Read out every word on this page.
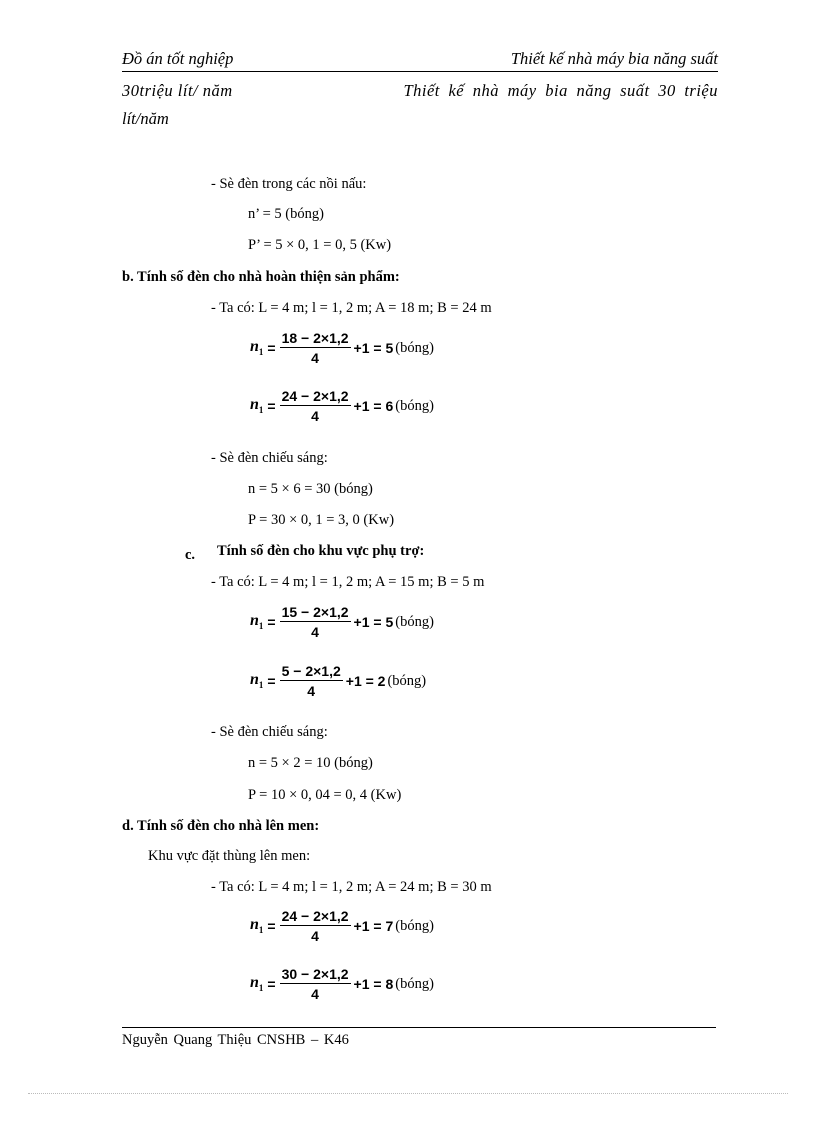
Đồ án tốt nghiệp	Thiết kế nhà máy bia năng suất
30triệu lít/ năm	Thiết kế nhà máy bia năng suất 30 triệu
lít/năm
- Sè đèn trong các nồi nấu:
n’ = 5 (bóng)
P’ = 5 × 0, 1 = 0, 5 (Kw)
b. Tính số đèn cho nhà hoàn thiện sản phẩm:
- Ta có: L = 4 m; l = 1, 2 m; A = 18 m; B = 24 m
$n_1 = \frac{18 - 2\times 1,2}{4} +1 = 5$ (bóng)
$n_1 = \frac{24 - 2\times 1,2}{4} +1 = 6$ (bóng)
- Sè đèn chiếu sáng:
n = 5 × 6 = 30 (bóng)
P = 30 × 0, 1 = 3, 0 (Kw)
c. Tính số đèn cho khu vực phụ trợ:
- Ta có: L = 4 m; l = 1, 2 m; A = 15 m; B = 5 m
$n_1 = \frac{15 - 2\times 1,2}{4} +1 = 5$ (bóng)
$n_1 = \frac{5 - 2\times 1,2}{4} +1 = 2$ (bóng)
- Sè đèn chiếu sáng:
n = 5 × 2 = 10 (bóng)
P = 10 × 0, 04 = 0, 4 (Kw)
d. Tính số đèn cho nhà lên men:
Khu vực đặt thùng lên men:
- Ta có: L = 4 m; l = 1, 2 m; A = 24 m; B = 30 m
$n_1 = \frac{24 - 2\times 1,2}{4} +1 = 7$ (bóng)
$n_1 = \frac{30 - 2\times 1,2}{4} +1 = 8$ (bóng)
Nguyễn Quang Thiệu CNSHB – K46
